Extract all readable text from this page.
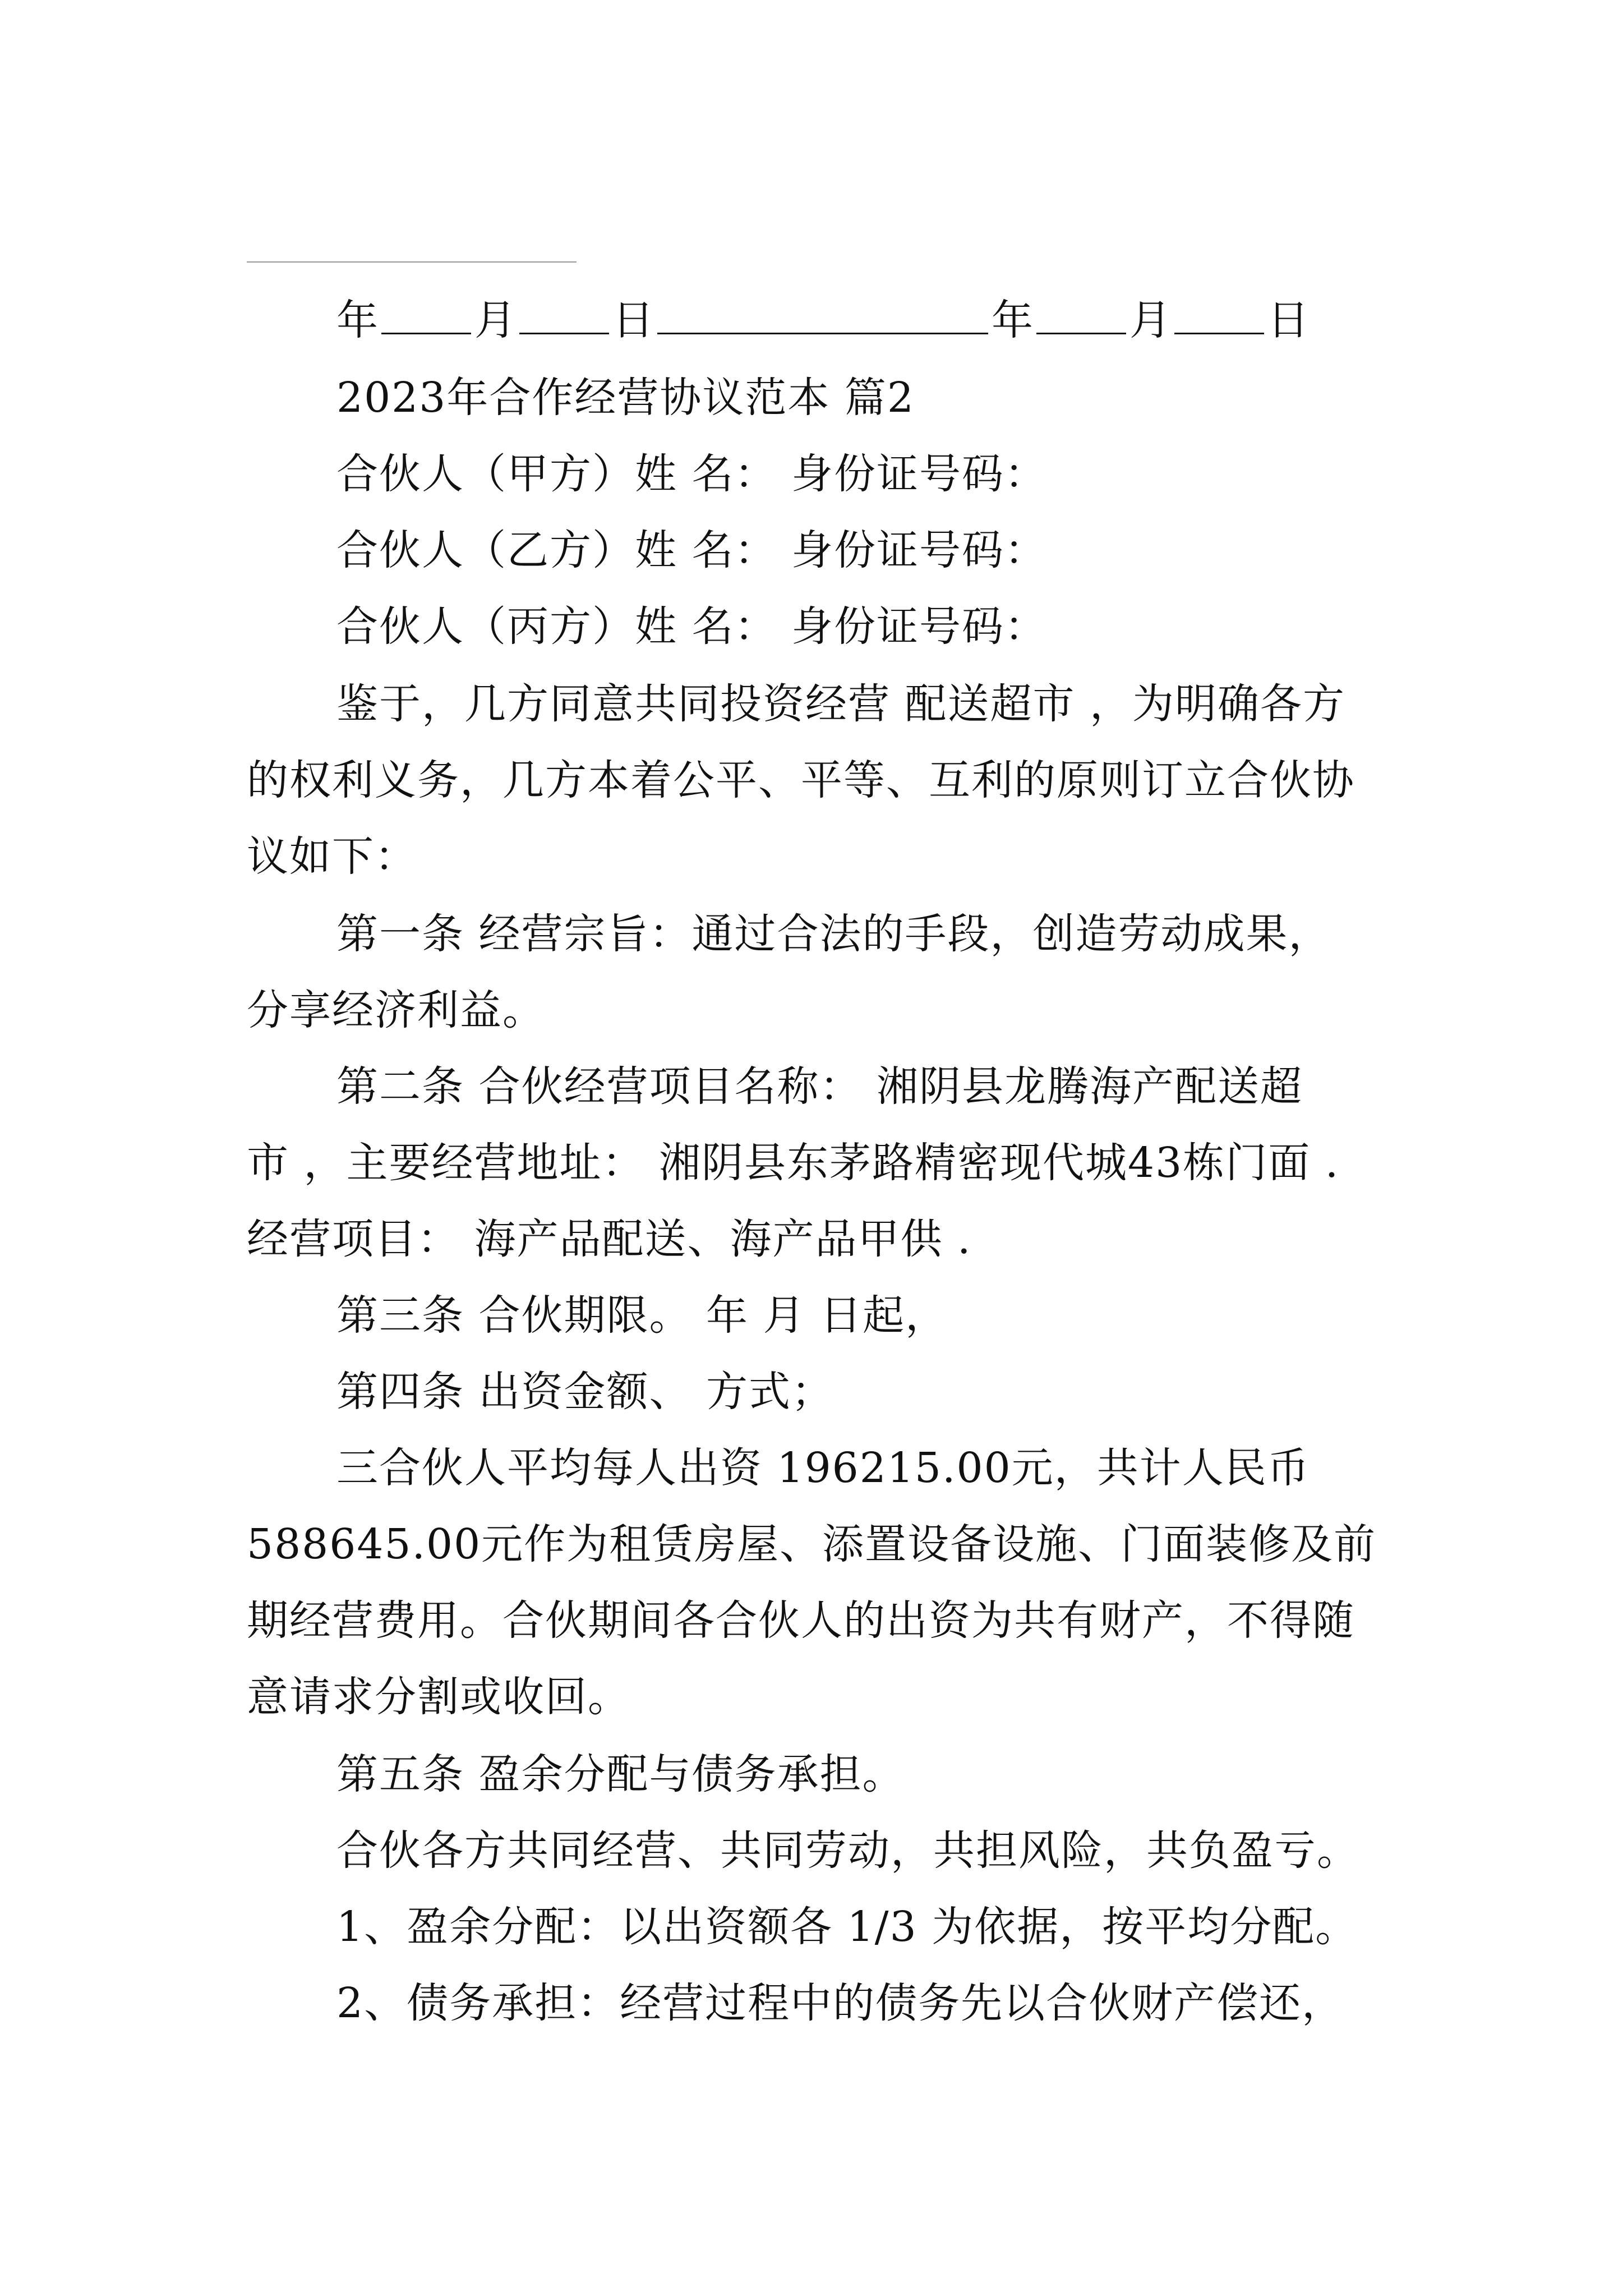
年 月 日	年 月 日
2023年合作经营协议范本 篇2
合伙人（甲方）姓 名： 身份证号码：
合伙人（乙方）姓 名： 身份证号码：
合伙人（丙方）姓 名： 身份证号码：
鉴于，几方同意共同投资经营 配送超市 ，为明确各方
的权利义务，几方本着公平、平等、互利的原则订立合伙协
议如下：
第一条 经营宗旨：通过合法的手段，创造劳动成果，
分享经济利益。
第二条 合伙经营项目名称： 湘阴县龙腾海产配送超
市 ，主要经营地址： 湘阴县东茅路精密现代城43栋门面 .
经营项目： 海产品配送、海产品甲供 .
第三条 合伙期限。 年 月 日起，
第四条 出资金额、 方式；
三合伙人平均每人出资 196215.00元，共计人民币
588645.00元作为租赁房屋、添置设备设施、门面装修及前
期经营费用。合伙期间各合伙人的出资为共有财产，不得随
意请求分割或收回。
第五条 盈余分配与债务承担。
合伙各方共同经营、共同劳动，共担风险，共负盈亏。
1、盈余分配：以出资额各 1/3 为依据，按平均分配。
2、债务承担：经营过程中的债务先以合伙财产偿还，
